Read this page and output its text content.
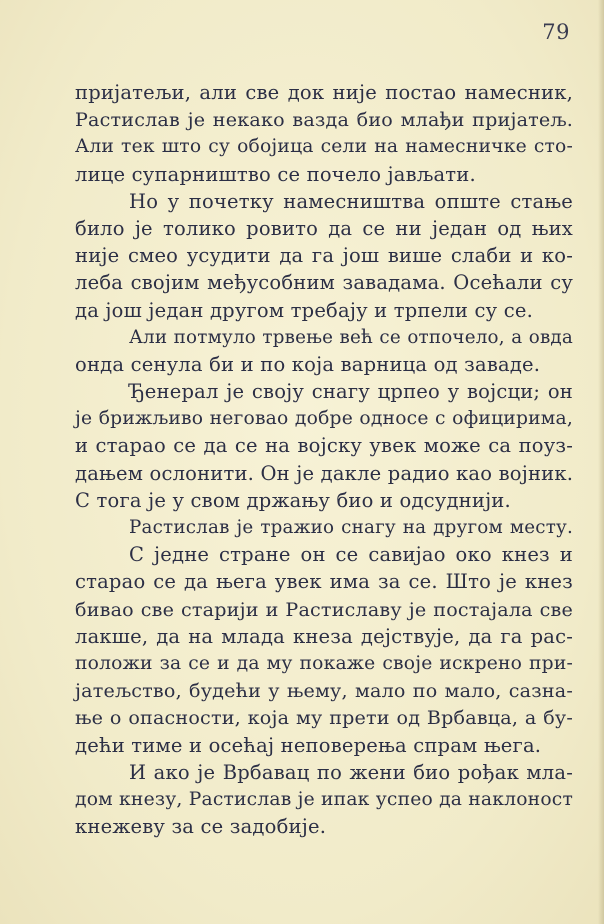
79
пријатељи, али све док није постао намесник,
Растислав је некако вазда био млађи пријатељ.
Али тек што су обојица сели на намесничке сто-
лице супарништво се почело јављати.
Но у почетку намесништва опште стање
било је толико ровито да се ни један од њих
није смео усудити да га још више слаби и ко-
леба својим међусобним завадама. Осећали су
да још један другом требају и трпели су се.
Али потмуло трвење већ се отпочело, а овда
онда сенула би и по која варница од заваде.
Ђенерал је своју снагу црпео у војсци; он
је брижљиво неговао добре односе с официрима,
и старао се да се на војску увек може са поуз-
дањем ослонити. Он је дакле радио као војник.
С тога је у свом држању био и одсуднији.
Растислав је тражио снагу на другом месту.
С једне стране он се савијао око кнез и
старао се да њега увек има за се. Што је кнез
бивао све старији и Растиславу је постајала све
лакше, да на млада кнеза дејствује, да га рас-
положи за се и да му покаже своје искрено при-
јатељство, будећи у њему, мало по мало, сазна-
ње о опасности, која му прети од Врбавца, а бу-
дећи тиме и осећај неповерења спрам њега.
И ако је Врбавац по жени био рођак мла-
дом кнезу, Растислав је ипак успео да наклоност
кнежеву за се задобије.
